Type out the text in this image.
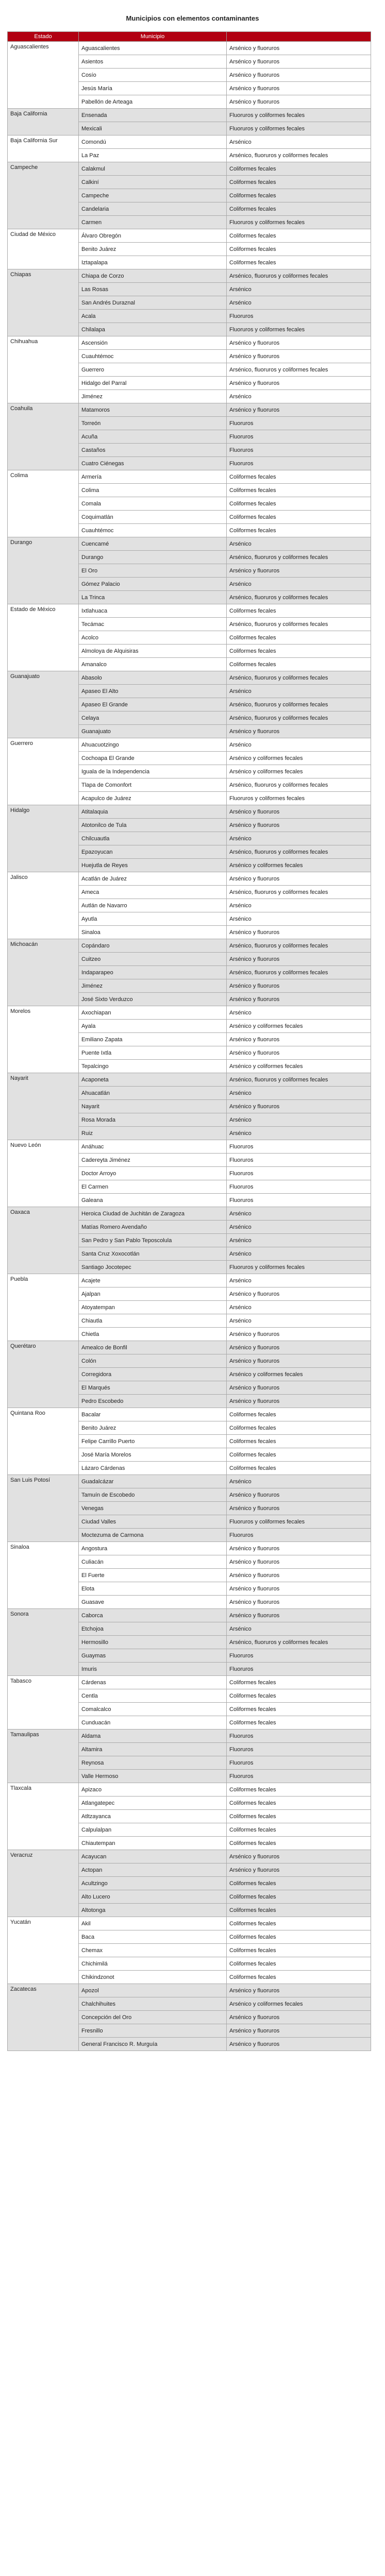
Municipios con elementos contaminantes
Estado	Municipio	
Aguascalientes	Aguascalientes	Arsénico y fluoruros
	Asientos	Arsénico y fluoruros
	Cosío	Arsénico y fluoruros
	Jesús María	Arsénico y fluoruros
	Pabellón de Arteaga	Arsénico y fluoruros
Baja California	Ensenada	Fluoruros y coliformes fecales
	Mexicali	Fluoruros y coliformes fecales
Baja California Sur	Comondú	Arsénico
	La Paz	Arsénico, fluoruros y coliformes fecales
Campeche	Calakmul	Coliformes fecales
	Calkiní	Coliformes fecales
	Campeche	Coliformes fecales
	Candelaria	Coliformes fecales
	Carmen	Fluoruros y coliformes fecales
Ciudad de México	Álvaro Obregón	Coliformes fecales
	Benito Juárez	Coliformes fecales
	Iztapalapa	Coliformes fecales
Chiapas	Chiapa de Corzo	Arsénico, fluoruros y coliformes fecales
	Las Rosas	Arsénico
	San Andrés Duraznal	Arsénico
	Acala	Fluoruros
	Chilalapa	Fluoruros y coliformes fecales
Chihuahua	Ascensión	Arsénico y fluoruros
	Cuauhtémoc	Arsénico y fluoruros
	Guerrero	Arsénico, fluoruros y coliformes fecales
	Hidalgo del Parral	Arsénico y fluoruros
	Jiménez	Arsénico
Coahuila	Matamoros	Arsénico y fluoruros
	Torreón	Fluoruros
	Acuña	Fluoruros
	Castaños	Fluoruros
	Cuatro Ciénegas	Fluoruros
Colima	Armería	Coliformes fecales
	Colima	Coliformes fecales
	Comala	Coliformes fecales
	Coquimatlán	Coliformes fecales
	Cuauhtémoc	Coliformes fecales
Durango	Cuencamé	Arsénico
	Durango	Arsénico, fluoruros y coliformes fecales
	El Oro	Arsénico y fluoruros
	Gómez Palacio	Arsénico
	La Trinca	Arsénico, fluoruros y coliformes fecales
Estado de México	Ixtlahuaca	Coliformes fecales
	Tecámac	Arsénico, fluoruros y coliformes fecales
	Acolco	Coliformes fecales
	Almoloya de Alquisiras	Coliformes fecales
	Amanalco	Coliformes fecales
Guanajuato	Abasolo	Arsénico, fluoruros y coliformes fecales
	Apaseo El Alto	Arsénico
	Apaseo El Grande	Arsénico, fluoruros y coliformes fecales
	Celaya	Arsénico, fluoruros y coliformes fecales
	Guanajuato	Arsénico y fluoruros
Guerrero	Ahuacuotzingo	Arsénico
	Cochoapa El Grande	Arsénico y coliformes fecales
	Iguala de la Independencia	Arsénico y coliformes fecales
	Tlapa de Comonfort	Arsénico, fluoruros y coliformes fecales
	Acapulco de Juárez	Fluoruros y coliformes fecales
Hidalgo	Atitalaquia	Arsénico y fluoruros
	Atotonilco de Tula	Arsénico y fluoruros
	Chilcuautla	Arsénico
	Epazoyucan	Arsénico, fluoruros y coliformes fecales
	Huejutla de Reyes	Arsénico y coliformes fecales
Jalisco	Acatlán de Juárez	Arsénico y fluoruros
	Ameca	Arsénico, fluoruros y coliformes fecales
	Autlán de Navarro	Arsénico
	Ayutla	Arsénico
	Sinaloa	Arsénico y fluoruros
Michoacán	Copándaro	Arsénico, fluoruros y coliformes fecales
	Cuitzeo	Arsénico y fluoruros
	Indaparapeo	Arsénico, fluoruros y coliformes fecales
	Jiménez	Arsénico y fluoruros
	José Sixto Verduzco	Arsénico y fluoruros
Morelos	Axochiapan	Arsénico
	Ayala	Arsénico y coliformes fecales
	Emiliano Zapata	Arsénico y fluoruros
	Puente Ixtla	Arsénico y fluoruros
	Tepalcingo	Arsénico y coliformes fecales
Nayarit	Acaponeta	Arsénico, fluoruros y coliformes fecales
	Ahuacatlán	Arsénico
	Nayarit	Arsénico y fluoruros
	Rosa Morada	Arsénico
	Ruiz	Arsénico
Nuevo León	Anáhuac	Fluoruros
	Cadereyta Jiménez	Fluoruros
	Doctor Arroyo	Fluoruros
	El Carmen	Fluoruros
	Galeana	Fluoruros
Oaxaca	Heroica Ciudad de Juchitán de Zaragoza	Arsénico
	Matías Romero Avendaño	Arsénico
	San Pedro y San Pablo Teposcolula	Arsénico
	Santa Cruz Xoxocotlán	Arsénico
	Santiago Jocotepec	Fluoruros y coliformes fecales
Puebla	Acajete	Arsénico
	Ajalpan	Arsénico y fluoruros
	Atoyatempan	Arsénico
	Chiautla	Arsénico
	Chietla	Arsénico y fluoruros
Querétaro	Amealco de Bonfil	Arsénico y fluoruros
	Colón	Arsénico y fluoruros
	Corregidora	Arsénico y coliformes fecales
	El Marqués	Arsénico y fluoruros
	Pedro Escobedo	Arsénico y fluoruros
Quintana Roo	Bacalar	Coliformes fecales
	Benito Juárez	Coliformes fecales
	Felipe Carrillo Puerto	Coliformes fecales
	José María Morelos	Coliformes fecales
	Lázaro Cárdenas	Coliformes fecales
San Luis Potosí	Guadalcázar	Arsénico
	Tamuín de Escobedo	Arsénico y fluoruros
	Venegas	Arsénico y fluoruros
	Ciudad Valles	Fluoruros y coliformes fecales
	Moctezuma de Carmona	Fluoruros
Sinaloa	Angostura	Arsénico y fluoruros
	Culiacán	Arsénico y fluoruros
	El Fuerte	Arsénico y fluoruros
	Elota	Arsénico y fluoruros
	Guasave	Arsénico y fluoruros
Sonora	Caborca	Arsénico y fluoruros
	Etchojoa	Arsénico
	Hermosillo	Arsénico, fluoruros y coliformes fecales
	Guaymas	Fluoruros
	Imuris	Fluoruros
Tabasco	Cárdenas	Coliformes fecales
	Centla	Coliformes fecales
	Comalcalco	Coliformes fecales
	Cunduacán	Coliformes fecales
Tamaulipas	Aldama	Fluoruros
	Altamira	Fluoruros
	Reynosa	Fluoruros
	Valle Hermoso	Fluoruros
Tlaxcala	Apizaco	Coliformes fecales
	Atlangatepec	Coliformes fecales
	Atltzayanca	Coliformes fecales
	Calpulalpan	Coliformes fecales
	Chiautempan	Coliformes fecales
Veracruz	Acayucan	Arsénico y fluoruros
	Actopan	Arsénico y fluoruros
	Acultzingo	Coliformes fecales
	Alto Lucero	Coliformes fecales
	Altotonga	Coliformes fecales
Yucatán	Akil	Coliformes fecales
	Baca	Coliformes fecales
	Chemax	Coliformes fecales
	Chichimilá	Coliformes fecales
	Chikindzonot	Coliformes fecales
Zacatecas	Apozol	Arsénico y fluoruros
	Chalchihuites	Arsénico y coliformes fecales
	Concepción del Oro	Arsénico y fluoruros
	Fresnillo	Arsénico y fluoruros
	General Francisco R. Murguía	Arsénico y fluoruros
